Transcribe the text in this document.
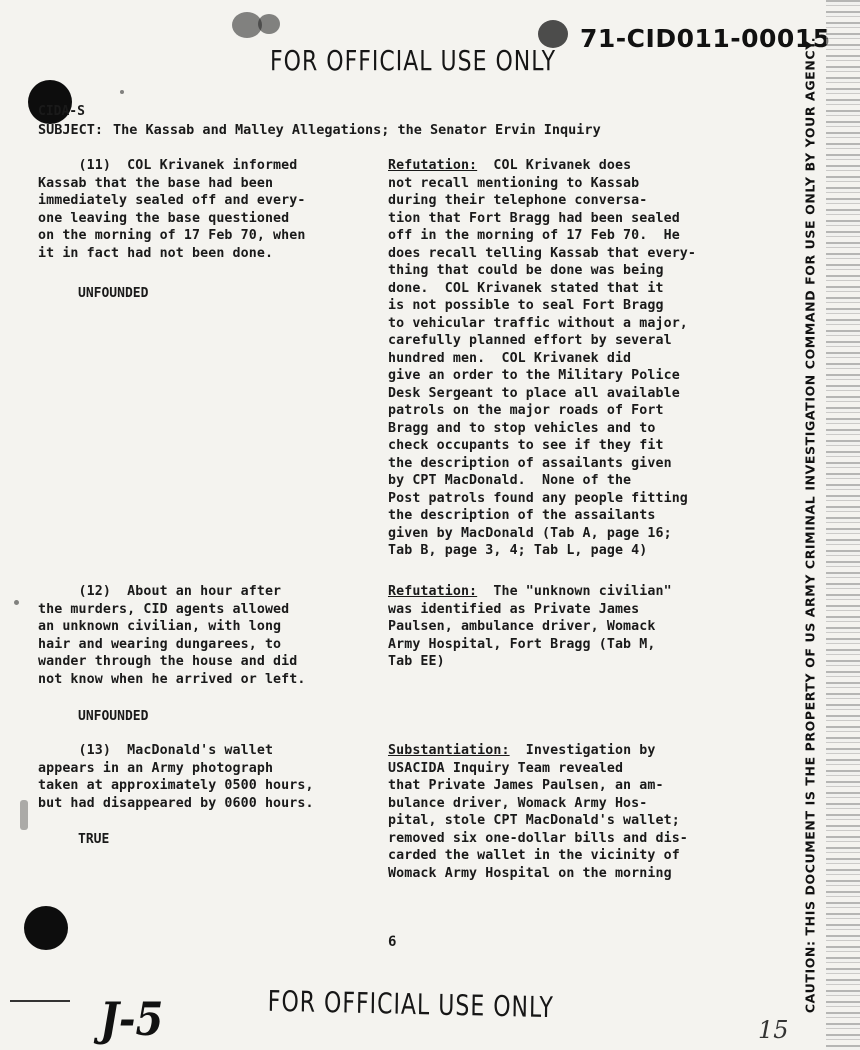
71-CID011-00015
FOR OFFICIAL USE ONLY
CIDA-S
SUBJECT: The Kassab and Malley Allegations; the Senator Ervin Inquiry
(11)  COL Krivanek informed
Kassab that the base had been
immediately sealed off and every-
one leaving the base questioned
on the morning of 17 Feb 70, when
it in fact had not been done.
UNFOUNDED
Refutation:  COL Krivanek does
not recall mentioning to Kassab
during their telephone conversa-
tion that Fort Bragg had been sealed
off in the morning of 17 Feb 70.  He
does recall telling Kassab that every-
thing that could be done was being
done.  COL Krivanek stated that it
is not possible to seal Fort Bragg
to vehicular traffic without a major,
carefully planned effort by several
hundred men.  COL Krivanek did
give an order to the Military Police
Desk Sergeant to place all available
patrols on the major roads of Fort
Bragg and to stop vehicles and to
check occupants to see if they fit
the description of assailants given
by CPT MacDonald.  None of the
Post patrols found any people fitting
the description of the assailants
given by MacDonald (Tab A, page 16;
Tab B, page 3, 4; Tab L, page 4)
(12)  About an hour after
the murders, CID agents allowed
an unknown civilian, with long
hair and wearing dungarees, to
wander through the house and did
not know when he arrived or left.
UNFOUNDED
Refutation:  The "unknown civilian"
was identified as Private James
Paulsen, ambulance driver, Womack
Army Hospital, Fort Bragg (Tab M,
Tab EE)
(13)  MacDonald's wallet
appears in an Army photograph
taken at approximately 0500 hours,
but had disappeared by 0600 hours.
TRUE
Substantiation:  Investigation by
USACIDA Inquiry Team revealed
that Private James Paulsen, an am-
bulance driver, Womack Army Hos-
pital, stole CPT MacDonald's wallet;
removed six one-dollar bills and dis-
carded the wallet in the vicinity of
Womack Army Hospital on the morning
6
J-5	FOR OFFICIAL USE ONLY
15
CAUTION: THIS DOCUMENT IS THE PROPERTY OF US ARMY CRIMINAL INVESTIGATION COMMAND FOR USE ONLY BY YOUR AGENCY.
